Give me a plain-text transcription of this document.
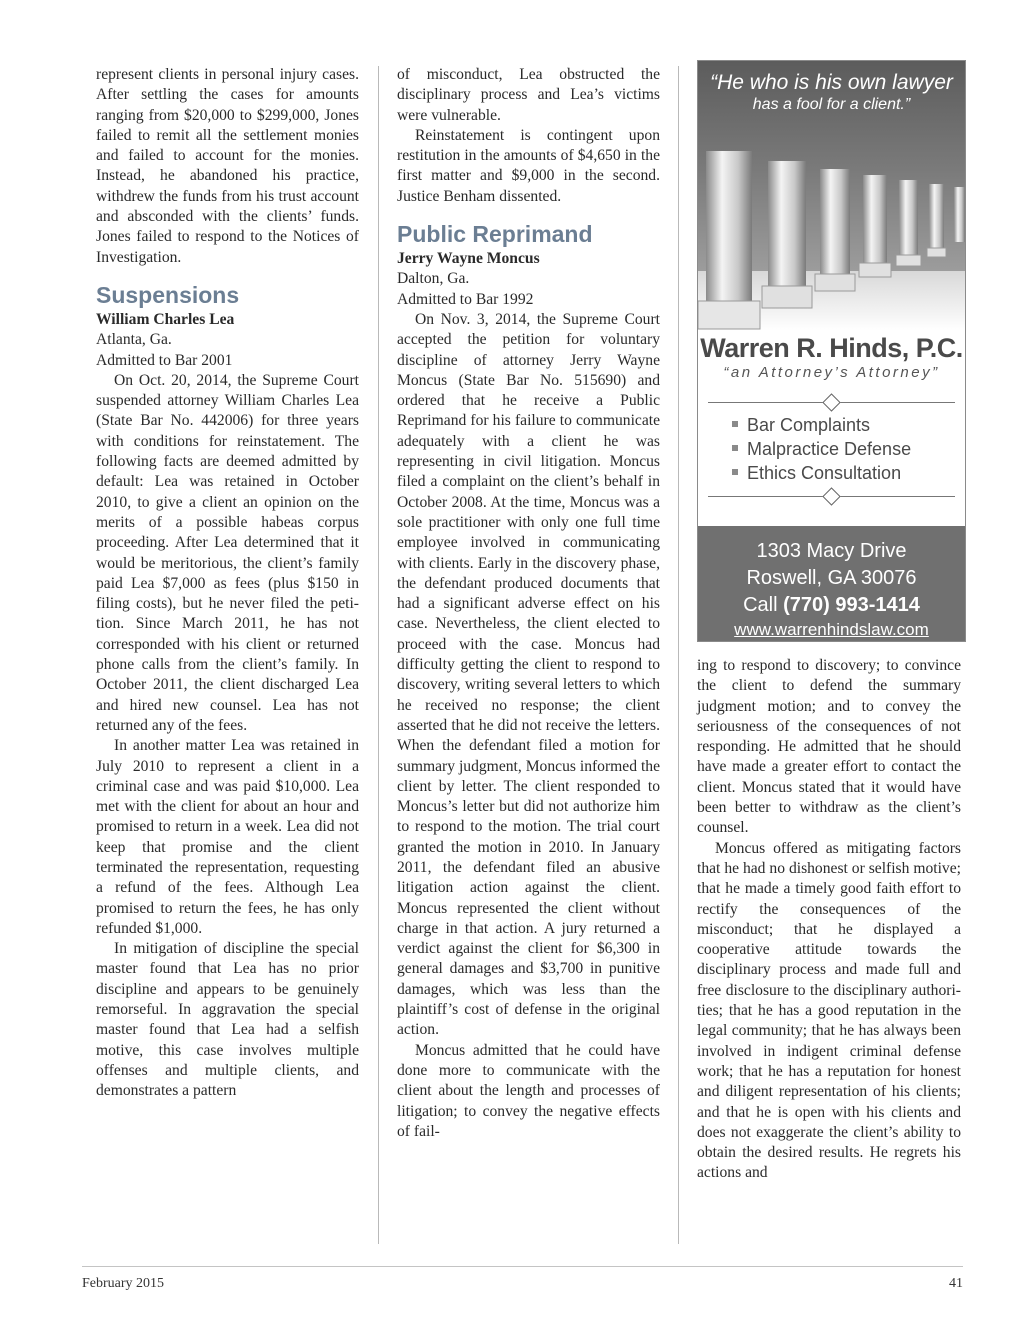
represent clients in personal injury cases. After settling the cases for amounts ranging from $20,000 to $299,000, Jones failed to remit all the settlement monies and failed to account for the monies. Instead, he abandoned his practice, withdrew the funds from his trust account and absconded with the clients’ funds. Jones failed to respond to the Notices of Investigation.

Suspensions
William Charles Lea
Atlanta, Ga.
Admitted to Bar 2001

On Oct. 20, 2014, the Supreme Court suspended attorney William Charles Lea (State Bar No. 442006) for three years with conditions for reinstatement. The following facts are deemed admitted by default: Lea was retained in October 2010, to give a client an opinion on the merits of a possible habeas corpus proceeding. After Lea determined that it would be meritorious, the client’s family paid Lea $7,000 as fees (plus $150 in filing costs), but he never filed the petition. Since March 2011, he has not corresponded with his client or returned phone calls from the client’s family. In October 2011, the client discharged Lea and hired new counsel. Lea has not returned any of the fees.

In another matter Lea was retained in July 2010 to represent a client in a criminal case and was paid $10,000. Lea met with the client for about an hour and promised to return in a week. Lea did not keep that promise and the client terminated the representation, requesting a refund of the fees. Although Lea promised to return the fees, he has only refunded $1,000.

In mitigation of discipline the special master found that Lea has no prior discipline and appears to be genuinely remorseful. In aggravation the special master found that Lea had a selfish motive, this case involves multiple offenses and multiple clients, and demonstrates a pattern

of misconduct, Lea obstructed the disciplinary process and Lea’s victims were vulnerable.

Reinstatement is contingent upon restitution in the amounts of $4,650 in the first matter and $9,000 in the second. Justice Benham dissented.

Public Reprimand
Jerry Wayne Moncus
Dalton, Ga.
Admitted to Bar 1992

On Nov. 3, 2014, the Supreme Court accepted the petition for voluntary discipline of attorney Jerry Wayne Moncus (State Bar No. 515690) and ordered that he receive a Public Reprimand for his failure to communicate adequately with a client he was representing in civil litigation. Moncus filed a complaint on the client’s behalf in October 2008. At the time, Moncus was a sole practitioner with only one full time employee involved in communicating with clients. Early in the discovery phase, the defendant produced documents that had a significant adverse effect on his case. Nevertheless, the client elected to proceed with the case. Moncus had difficulty getting the client to respond to discovery, writing several letters to which he received no response; the client asserted that he did not receive the letters. When the defendant filed a motion for summary judgment, Moncus informed the client by letter. The client responded to Moncus’s letter but did not authorize him to respond to the motion. The trial court granted the motion in 2010. In January 2011, the defendant filed an abusive litigation action against the client. Moncus represented the client without charge in that action. A jury returned a verdict against the client for $6,300 in general damages and $3,700 in punitive damages, which was less than the plaintiff’s cost of defense in the original action.

Moncus admitted that he could have done more to communicate with the client about the length and processes of litigation; to convey the negative effects of fail-

“He who is his own lawyer
has a fool for a client.”
Warren R. Hinds, P.C.
“an Attorney’s Attorney”
Bar Complaints
Malpractice Defense
Ethics Consultation
1303 Macy Drive
Roswell, GA 30076
Call (770) 993-1414
www.warrenhindslaw.com

ing to respond to discovery; to convince the client to defend the summary judgment motion; and to convey the seriousness of the consequences of not responding. He admitted that he should have made a greater effort to contact the client. Moncus stated that it would have been better to withdraw as the client’s counsel.

Moncus offered as mitigating factors that he had no dishonest or selfish motive; that he made a timely good faith effort to rectify the consequences of the misconduct; that he displayed a cooperative attitude towards the disciplinary process and made full and free disclosure to the disciplinary authorities; that he has a good reputation in the legal community; that he has always been involved in indigent criminal defense work; that he has a reputation for honest and diligent representation of his clients; and that he is open with his clients and does not exaggerate the client’s ability to obtain the desired results. He regrets his actions and

February 2015	41
